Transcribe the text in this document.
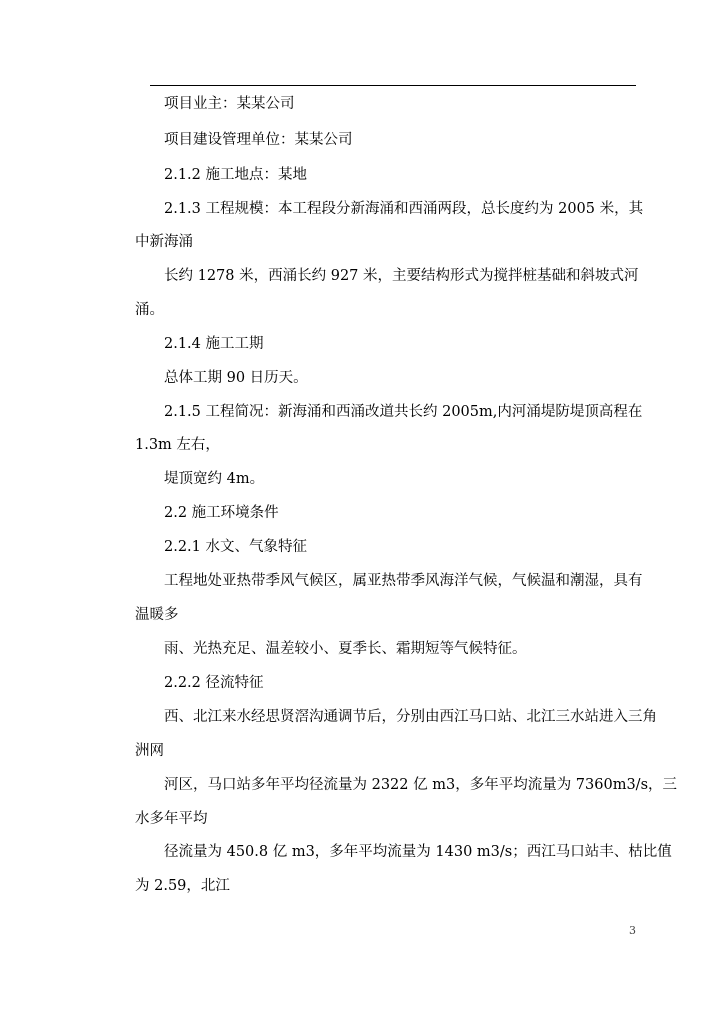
项目业主：某某公司
项目建设管理单位：某某公司
2.1.2 施工地点：某地
2.1.3 工程规模：本工程段分新海涌和西涌两段，总长度约为 2005 米，其
中新海涌
长约 1278 米，西涌长约 927 米，主要结构形式为搅拌桩基础和斜坡式河
涌。
2.1.4 施工工期
总体工期 90 日历天。
2.1.5 工程简况：新海涌和西涌改道共长约 2005m,内河涌堤防堤顶高程在
1.3m 左右，
堤顶宽约 4m。
2.2 施工环境条件
2.2.1 水文、气象特征
工程地处亚热带季风气候区，属亚热带季风海洋气候，气候温和潮湿，具有
温暖多
雨、光热充足、温差较小、夏季长、霜期短等气候特征。
2.2.2 径流特征
西、北江来水经思贤滘沟通调节后，分别由西江马口站、北江三水站进入三角
洲网
河区，马口站多年平均径流量为 2322 亿 m3，多年平均流量为 7360m3/s，三
水多年平均
径流量为 450.8 亿 m3，多年平均流量为 1430 m3/s；西江马口站丰、枯比值
为 2.59，北江
3
